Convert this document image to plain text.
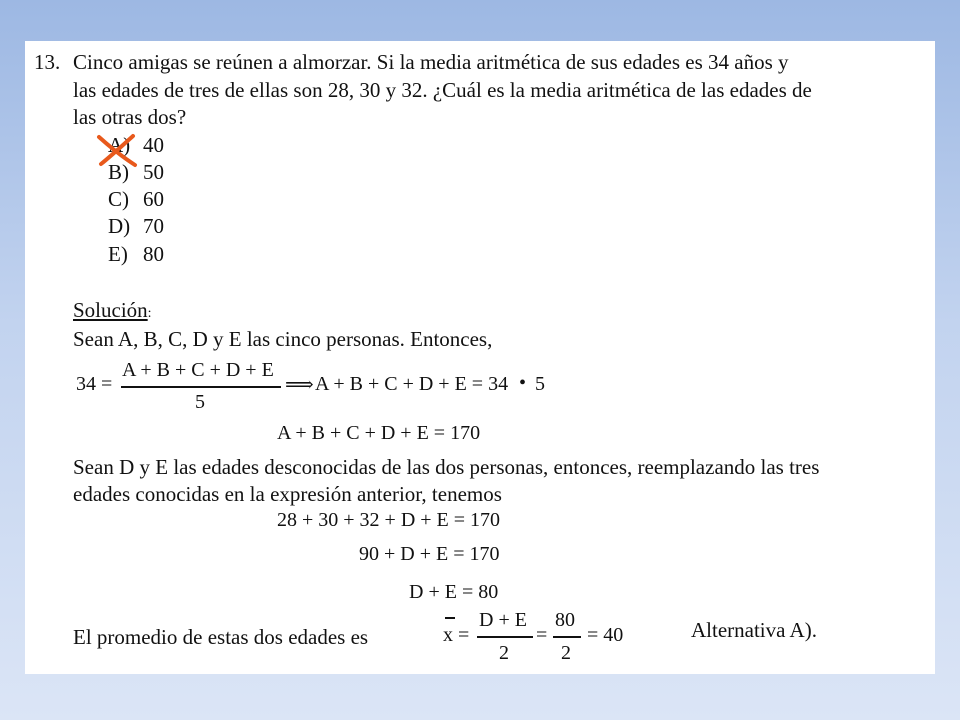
13. Cinco amigas se reúnen a almorzar. Si la media aritmética de sus edades es 34 años y
las edades de tres de ellas son 28, 30 y 32. ¿Cuál es la media aritmética de las edades de
las otras dos?
A) 40
B) 50
C) 60
D) 70
E) 80
Solución:
Sean A, B, C, D y E las cinco personas. Entonces,
34 =
A + B + C + D + E
5
⟹ A + B + C + D + E = 34 • 5
A + B + C + D + E = 170
Sean D y E las edades desconocidas de las dos personas, entonces, reemplazando las tres
edades conocidas en la expresión anterior, tenemos
28 + 30 + 32 + D + E = 170
90 + D + E = 170
D + E = 80
El promedio de estas dos edades es	x =
D + E
2
=
80
2
= 40	Alternativa A).
